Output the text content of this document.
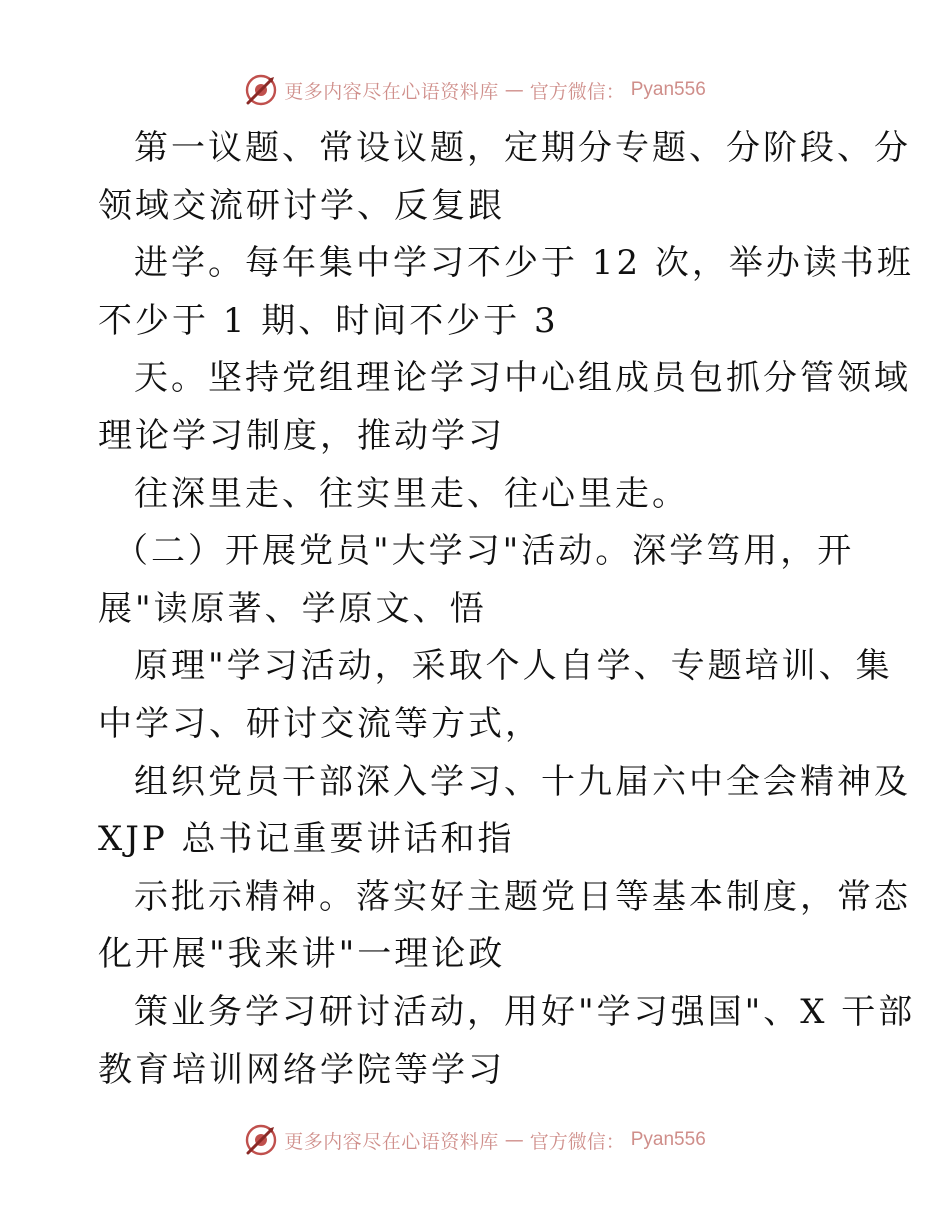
更多内容尽在心语资料库 — 官方微信： Pyan556
第一议题、常设议题，定期分专题、分阶段、分
领域交流研讨学、反复跟
进学。每年集中学习不少于 12 次，举办读书班
不少于 1 期、时间不少于 3
天。坚持党组理论学习中心组成员包抓分管领域
理论学习制度，推动学习
往深里走、往实里走、往心里走。
（二）开展党员"大学习"活动。深学笃用，开
展"读原著、学原文、悟
原理"学习活动，采取个人自学、专题培训、集
中学习、研讨交流等方式，
组织党员干部深入学习、十九届六中全会精神及
XJP 总书记重要讲话和指
示批示精神。落实好主题党日等基本制度，常态
化开展"我来讲"一理论政
策业务学习研讨活动，用好"学习强国"、X 干部
教育培训网络学院等学习
更多内容尽在心语资料库 — 官方微信： Pyan556
